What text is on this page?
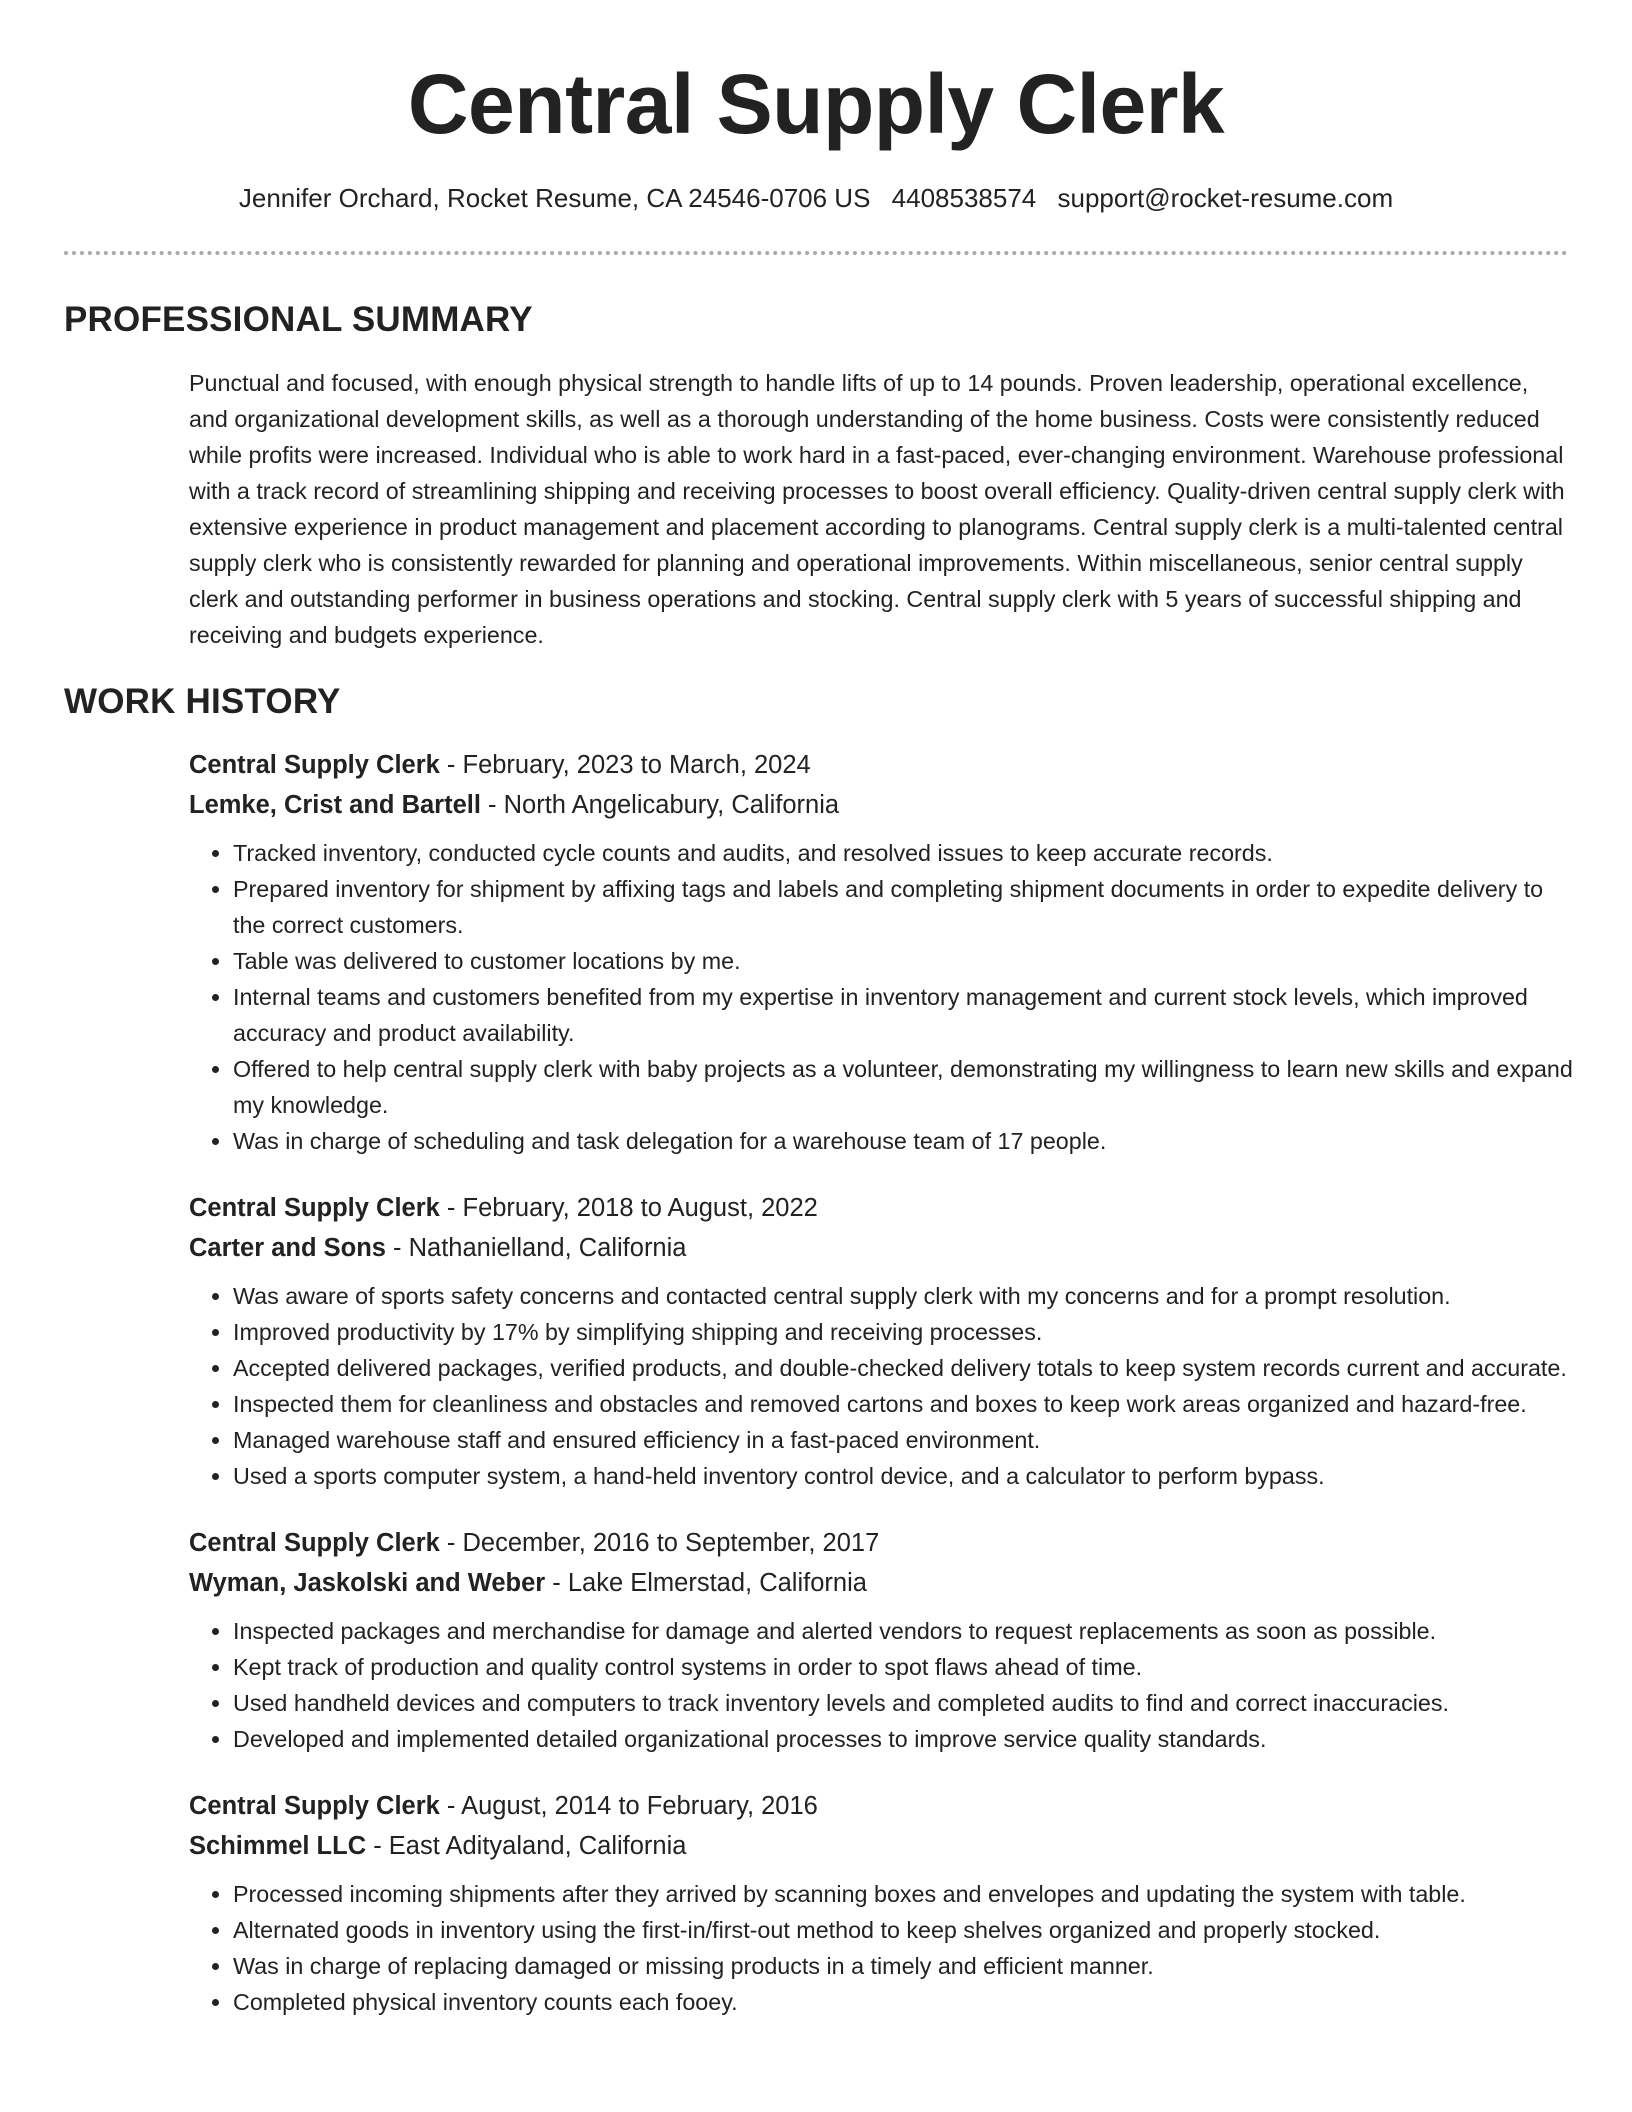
Central Supply Clerk
Jennifer Orchard, Rocket Resume, CA 24546-0706 US 4408538574 support@rocket-resume.com
PROFESSIONAL SUMMARY

Punctual and focused, with enough physical strength to handle lifts of up to 14 pounds. Proven leadership, operational excellence, and organizational development skills, as well as a thorough understanding of the home business. Costs were consistently reduced while profits were increased. Individual who is able to work hard in a fast-paced, ever-changing environment. Warehouse professional with a track record of streamlining shipping and receiving processes to boost overall efficiency. Quality-driven central supply clerk with extensive experience in product management and placement according to planograms. Central supply clerk is a multi-talented central supply clerk who is consistently rewarded for planning and operational improvements. Within miscellaneous, senior central supply clerk and outstanding performer in business operations and stocking. Central supply clerk with 5 years of successful shipping and receiving and budgets experience.

WORK HISTORY
Central Supply Clerk - February, 2023 to March, 2024
Lemke, Crist and Bartell - North Angelicabury, California
• Tracked inventory, conducted cycle counts and audits, and resolved issues to keep accurate records.
• Prepared inventory for shipment by affixing tags and labels and completing shipment documents in order to expedite delivery to the correct customers.
• Table was delivered to customer locations by me.
• Internal teams and customers benefited from my expertise in inventory management and current stock levels, which improved accuracy and product availability.
• Offered to help central supply clerk with baby projects as a volunteer, demonstrating my willingness to learn new skills and expand my knowledge.
• Was in charge of scheduling and task delegation for a warehouse team of 17 people.
Central Supply Clerk - February, 2018 to August, 2022
Carter and Sons - Nathanielland, California
• Was aware of sports safety concerns and contacted central supply clerk with my concerns and for a prompt resolution.
• Improved productivity by 17% by simplifying shipping and receiving processes.
• Accepted delivered packages, verified products, and double-checked delivery totals to keep system records current and accurate.
• Inspected them for cleanliness and obstacles and removed cartons and boxes to keep work areas organized and hazard-free.
• Managed warehouse staff and ensured efficiency in a fast-paced environment.
• Used a sports computer system, a hand-held inventory control device, and a calculator to perform bypass.
Central Supply Clerk - December, 2016 to September, 2017
Wyman, Jaskolski and Weber - Lake Elmerstad, California
• Inspected packages and merchandise for damage and alerted vendors to request replacements as soon as possible.
• Kept track of production and quality control systems in order to spot flaws ahead of time.
• Used handheld devices and computers to track inventory levels and completed audits to find and correct inaccuracies.
• Developed and implemented detailed organizational processes to improve service quality standards.
Central Supply Clerk - August, 2014 to February, 2016
Schimmel LLC - East Adityaland, California
• Processed incoming shipments after they arrived by scanning boxes and envelopes and updating the system with table.
• Alternated goods in inventory using the first-in/first-out method to keep shelves organized and properly stocked.
• Was in charge of replacing damaged or missing products in a timely and efficient manner.
• Completed physical inventory counts each fooey.
